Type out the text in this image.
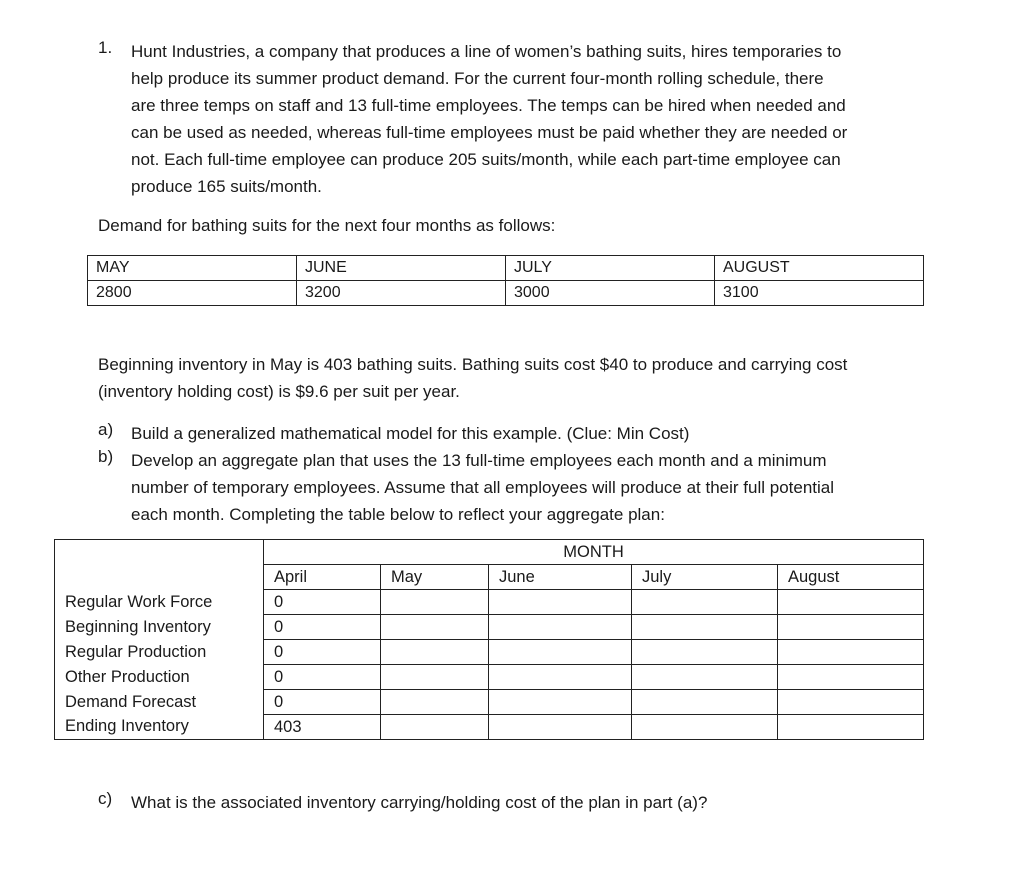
1. Hunt Industries, a company that produces a line of women’s bathing suits, hires temporaries to
help produce its summer product demand. For the current four-month rolling schedule, there
are three temps on staff and 13 full-time employees. The temps can be hired when needed and
can be used as needed, whereas full-time employees must be paid whether they are needed or
not. Each full-time employee can produce 205 suits/month, while each part-time employee can
produce 165 suits/month.
Demand for bathing suits for the next four months as follows:
MAY	JUNE	JULY	AUGUST
2800	3200	3000	3100
Beginning inventory in May is 403 bathing suits. Bathing suits cost $40 to produce and carrying cost
(inventory holding cost) is $9.6 per suit per year.
a) Build a generalized mathematical model for this example. (Clue: Min Cost)
b) Develop an aggregate plan that uses the 13 full-time employees each month and a minimum
number of temporary employees. Assume that all employees will produce at their full potential
each month. Completing the table below to reflect your aggregate plan:
	MONTH				
	April	May	June	July	August
Regular Work Force	0				
Beginning Inventory	0				
Regular Production	0				
Other Production	0				
Demand Forecast	0				
Ending Inventory	403				
c) What is the associated inventory carrying/holding cost of the plan in part (a)?
